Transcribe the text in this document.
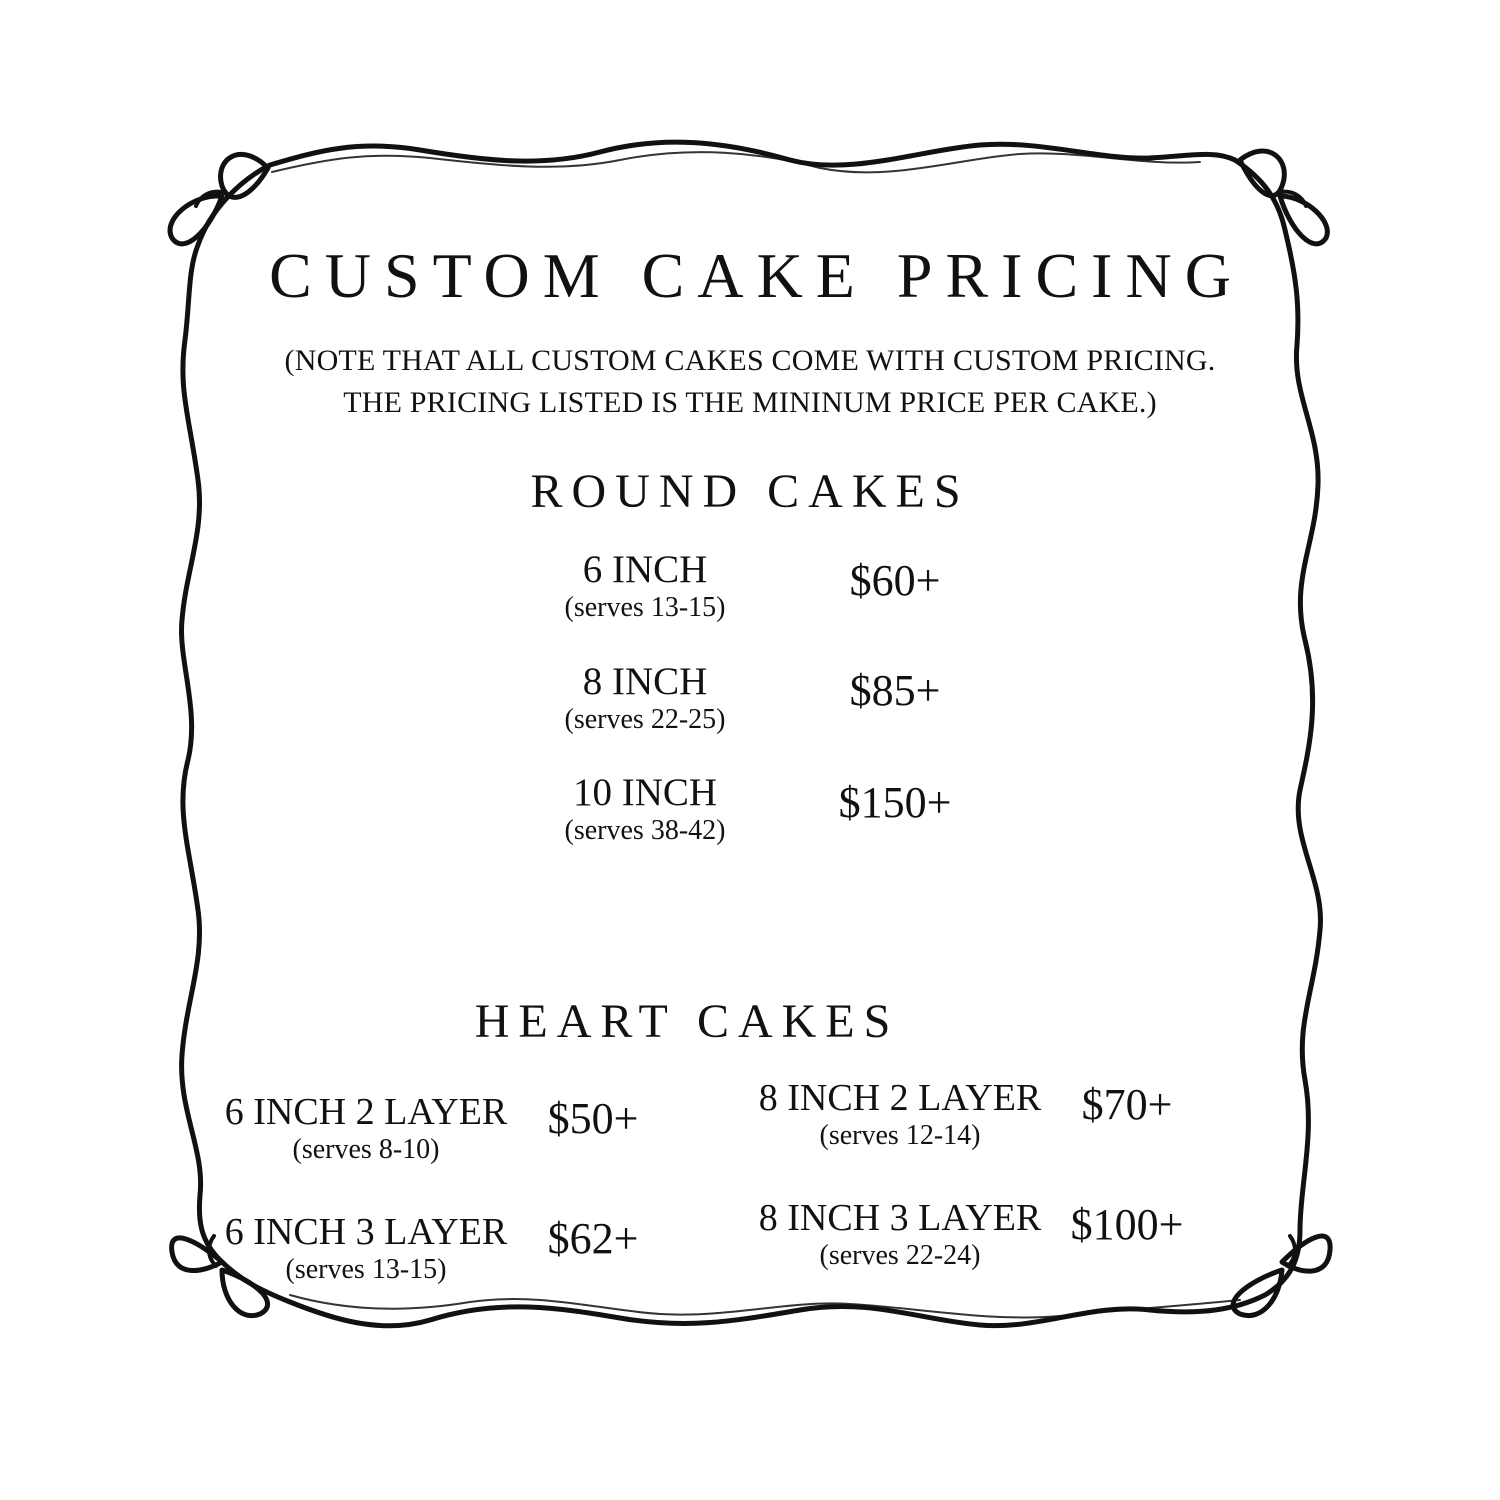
CUSTOM CAKE PRICING
(NOTE THAT ALL CUSTOM CAKES COME WITH CUSTOM PRICING.
THE PRICING LISTED IS THE MININUM PRICE PER CAKE.)
ROUND CAKES
6 INCH
(serves 13-15)
$60+
8 INCH
(serves 22-25)
$85+
10 INCH
(serves 38-42)
$150+
HEART CAKES
6 INCH 2 LAYER
(serves 8-10)
$50+	8 INCH 2 LAYER
(serves 12-14)
$70+
6 INCH 3 LAYER
(serves 13-15)
$62+	8 INCH 3 LAYER
(serves 22-24)
$100+
